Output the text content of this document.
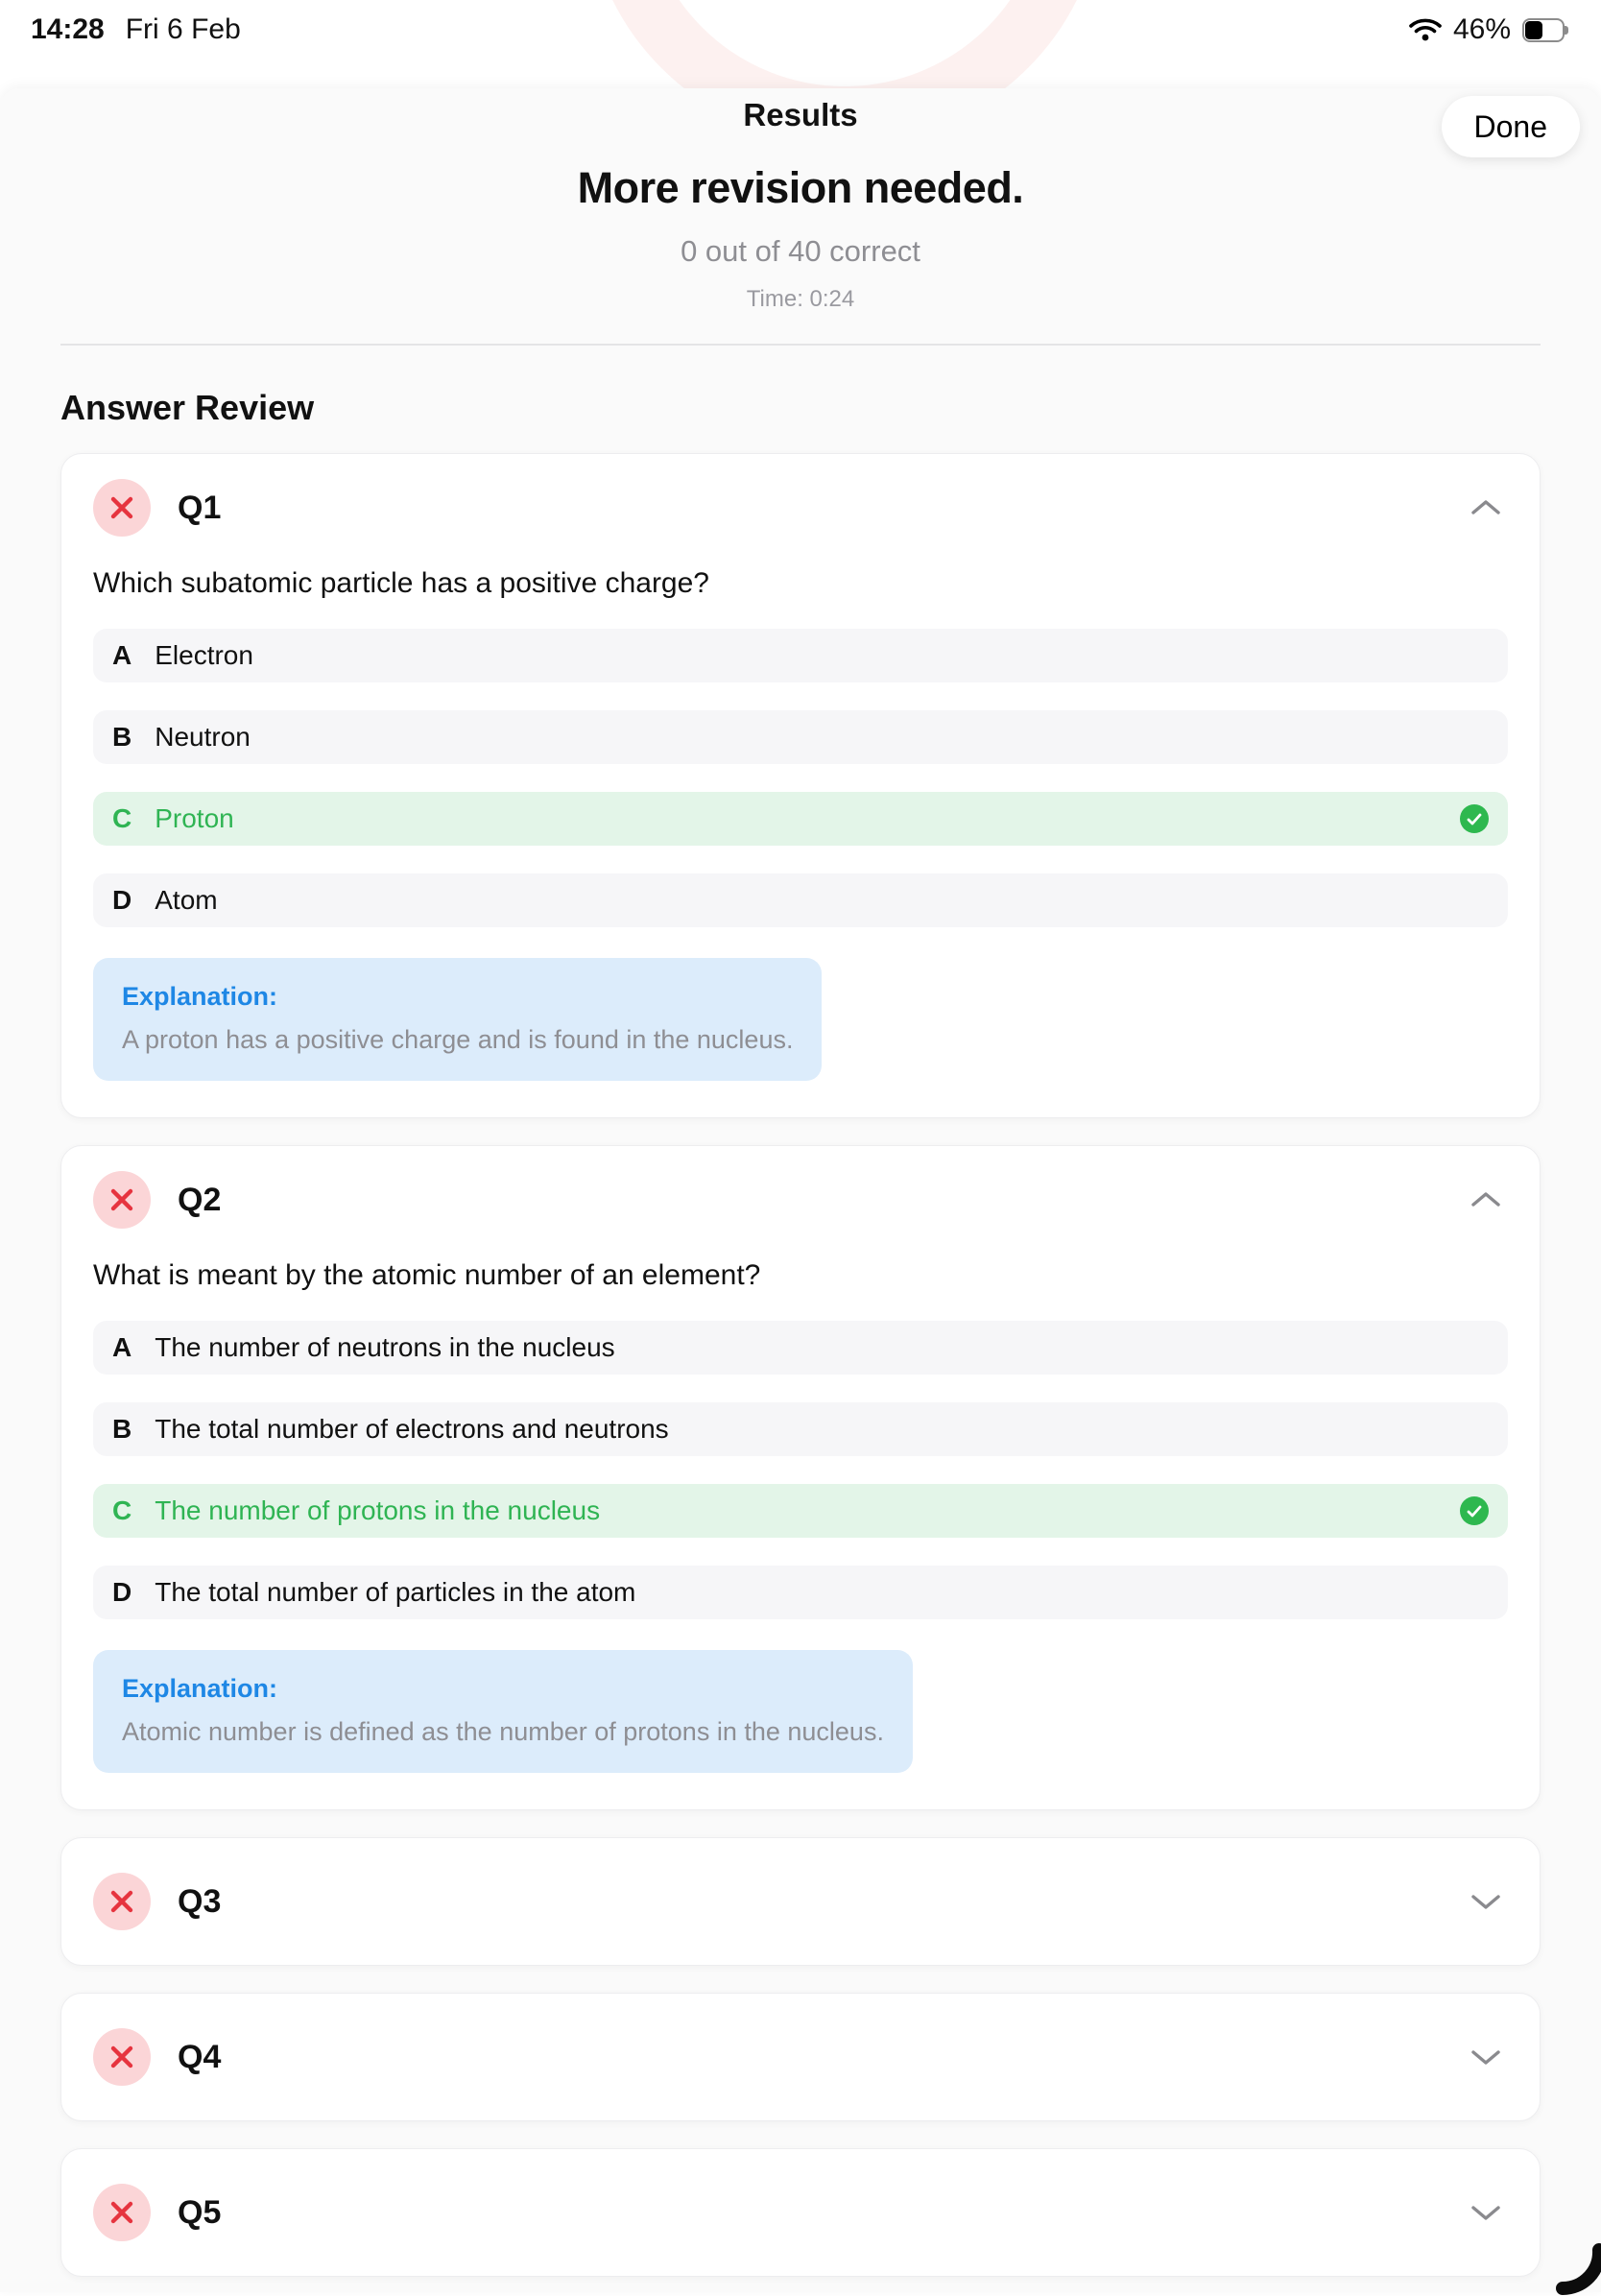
14:28 Fri 6 Feb	46%
Results	Done
More revision needed.
0 out of 40 correct
Time: 0:24
Answer Review
Q1
Which subatomic particle has a positive charge?
A Electron
B Neutron
C Proton
D Atom
Explanation:
A proton has a positive charge and is found in the nucleus.
Q2
What is meant by the atomic number of an element?
A The number of neutrons in the nucleus
B The total number of electrons and neutrons
C The number of protons in the nucleus
D The total number of particles in the atom
Explanation:
Atomic number is defined as the number of protons in the nucleus.
Q3
Q4
Q5
